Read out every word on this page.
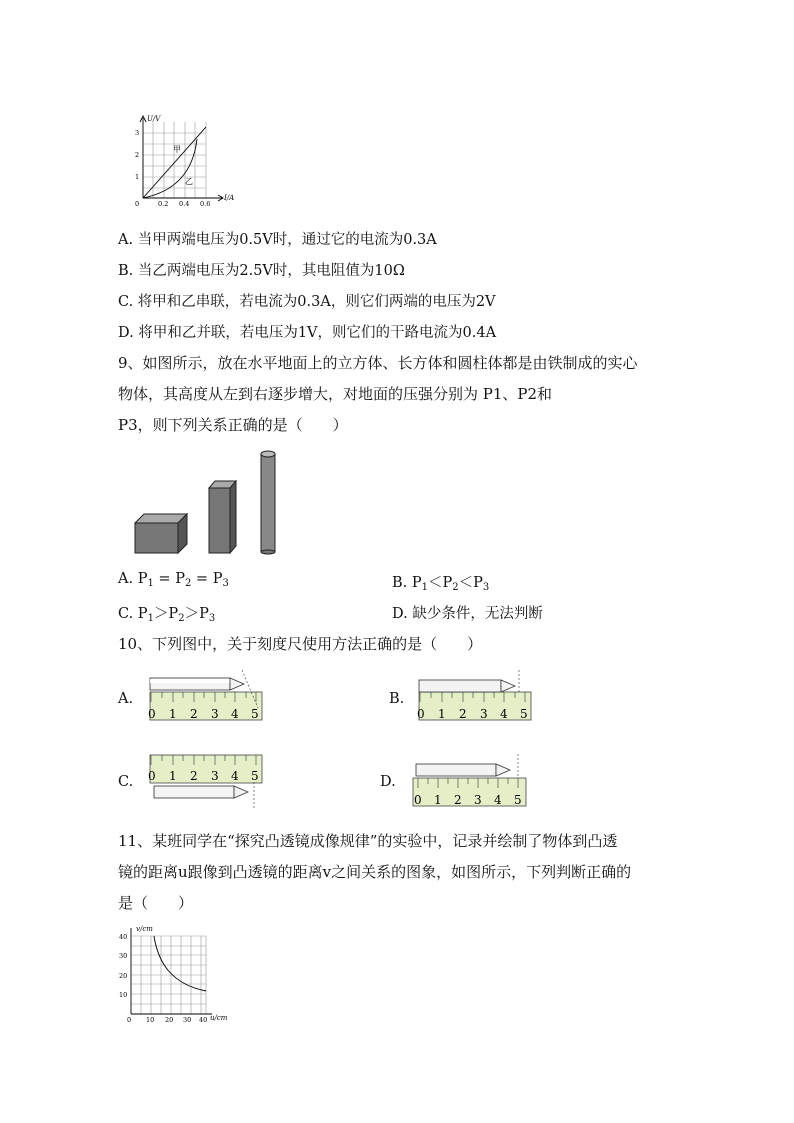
U/V
I/A
3
2
1
0	0.2 0.4 0.6
甲
乙
A. 当甲两端电压为0.5V时，通过它的电流为0.3A
B. 当乙两端电压为2.5V时，其电阻值为10Ω
C. 将甲和乙串联，若电流为0.3A，则它们两端的电压为2V
D. 将甲和乙并联，若电压为1V，则它们的干路电流为0.4A
9、如图所示，放在水平地面上的立方体、长方体和圆柱体都是由铁制成的实心
物体，其高度从左到右逐步增大，对地面的压强分别为 P1、P2和
P3，则下列关系正确的是（　　）
A. $P_1 = P_2 = P_3$	B. $P_1<P_2<P_3$
C. $P_1>P_2>P_3$	D. 缺少条件，无法判断
10、下列图中，关于刻度尺使用方法正确的是（　　）
A.	B.
C.	D.
0 1 2 3 4 5	0 1 2 3 4 5
0 1 2 3 4 5
0 1 2 3 4 5
11、某班同学在“探究凸透镜成像规律”的实验中，记录并绘制了物体到凸透
镜的距离u跟像到凸透镜的距离v之间关系的图象，如图所示，下列判断正确的
是（　　）
v/cm
u/cm
40
30
20
10
0 10 20 30 40
